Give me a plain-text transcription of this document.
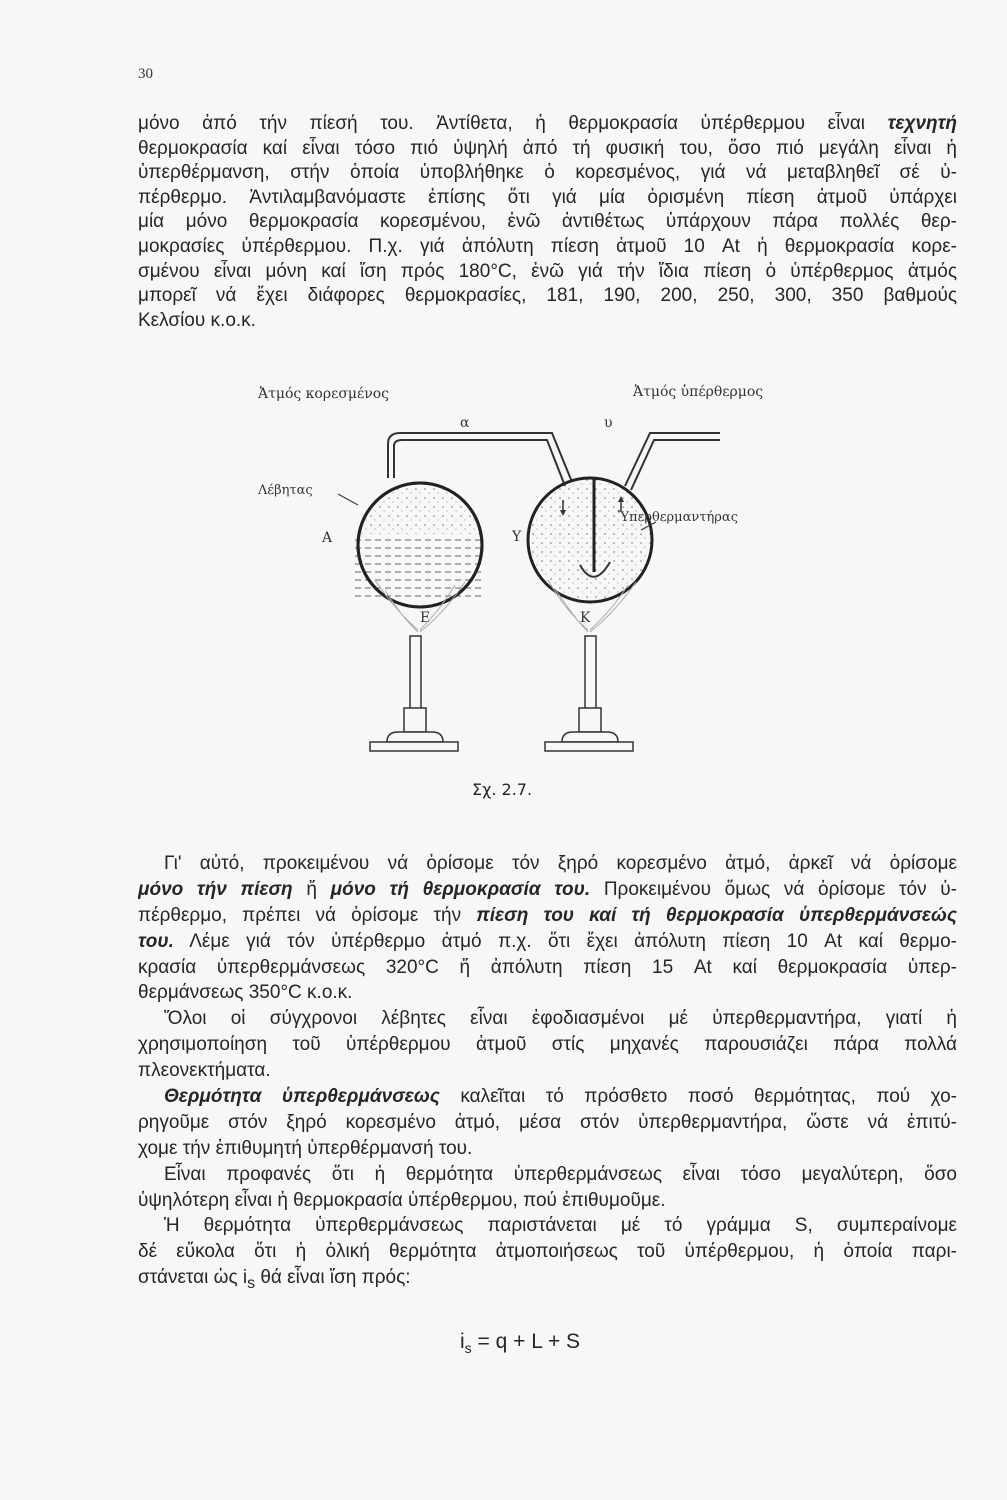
30
μόνο ἀπό τήν πίεσή του. Ἀντίθετα, ἡ θερμοκρασία ὑπέρθερμου εἶναι τεχνητή
θερμοκρασία καί εἶναι τόσο πιό ὑψηλή ἀπό τή φυσική του, ὅσο πιό μεγάλη εἶναι ἡ
ὑπερθέρμανση, στήν ὁποία ὑποβλήθηκε ὁ κορεσμένος, γιά νά μεταβληθεῖ σέ ὑ-
πέρθερμο. Ἀντιλαμβανόμαστε ἐπίσης ὅτι γιά μία ὁρισμένη πίεση ἀτμοῦ ὑπάρχει
μία μόνο θερμοκρασία κορεσμένου, ἐνῶ ἀντιθέτως ὑπάρχουν πάρα πολλές θερ-
μοκρασίες ὑπέρθερμου. Π.χ. γιά ἀπόλυτη πίεση ἀτμοῦ 10 At ἡ θερμοκρασία κορε-
σμένου εἶναι μόνη καί ἴση πρός 180°C, ἐνῶ γιά τήν ἴδια πίεση ὁ ὑπέρθερμος ἀτμός
μπορεῖ νά ἔχει διάφορες θερμοκρασίες, 181, 190, 200, 250, 300, 350 βαθμούς
Κελσίου κ.ο.κ.
Ἀτμός κορεσμένος	Ἀτμός ὑπέρθερμος
α	υ
Λέβητας
Ὑπερθερμαντήρας
Α	Υ
Ε	Κ
Σχ. 2.7.
Γι' αὐτό, προκειμένου νά ὁρίσομε τόν ξηρό κορεσμένο ἀτμό, ἀρκεῖ νά ὁρίσομε
μόνο τήν πίεση ἤ μόνο τή θερμοκρασία του. Προκειμένου ὅμως νά ὁρίσομε τόν ὑ-
πέρθερμο, πρέπει νά ὁρίσομε τήν πίεση του καί τή θερμοκρασία ὑπερθερμάνσεώς
του. Λέμε γιά τόν ὑπέρθερμο ἀτμό π.χ. ὅτι ἔχει ἀπόλυτη πίεση 10 At καί θερμο-
κρασία ὑπερθερμάνσεως 320°C ἤ ἀπόλυτη πίεση 15 At καί θερμοκρασία ὑπερ-
θερμάνσεως 350°C κ.ο.κ.
Ὅλοι οἱ σύγχρονοι λέβητες εἶναι ἐφοδιασμένοι μέ ὑπερθερμαντήρα, γιατί ἡ
χρησιμοποίηση τοῦ ὑπέρθερμου ἀτμοῦ στίς μηχανές παρουσιάζει πάρα πολλά
πλεονεκτήματα.
Θερμότητα ὑπερθερμάνσεως καλεῖται τό πρόσθετο ποσό θερμότητας, πού χο-
ρηγοῦμε στόν ξηρό κορεσμένο ἀτμό, μέσα στόν ὑπερθερμαντήρα, ὥστε νά ἐπιτύ-
χομε τήν ἐπιθυμητή ὑπερθέρμανσή του.
Εἶναι προφανές ὅτι ἡ θερμότητα ὑπερθερμάνσεως εἶναι τόσο μεγαλύτερη, ὅσο
ὑψηλότερη εἶναι ἡ θερμοκρασία ὑπέρθερμου, πού ἐπιθυμοῦμε.
Ἡ θερμότητα ὑπερθερμάνσεως παριστάνεται μέ τό γράμμα S, συμπεραίνομε
δέ εὔκολα ὅτι ἡ ὁλική θερμότητα ἀτμοποιήσεως τοῦ ὑπέρθερμου, ἡ ὁποία παρι-
στάνεται ὡς $i_s$ θά εἶναι ἴση πρός:
$i_s = q + L + S$
